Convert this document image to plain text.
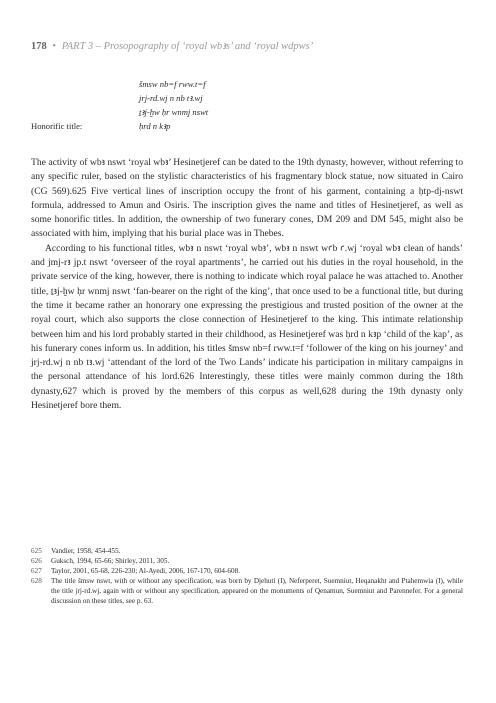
178 • PART 3 – Prosopography of ‘royal wbꜣs’ and ‘royal wdpws’
šmsw nb=f rww.t=f
jrj-rd.wj n nb tꜣ.wj
ṯꜣj-ḫw ḥr wnmj nswt
Honorific title:	ḥrd n kꜣp

The activity of wbꜣ nswt ‘royal wbꜣ’ Hesinetjeref can be dated to the 19th dynasty, however, without referring to any specific ruler, based on the stylistic characteristics of his fragmentary block statue, now situated in Cairo (CG 569).625 Five vertical lines of inscription occupy the front of his garment, containing a ḥtp-dj-nswt formula, addressed to Amun and Osiris. The inscription gives the name and titles of Hesinetjeref, as well as some honorific titles. In addition, the ownership of two funerary cones, DM 209 and DM 545, might also be associated with him, implying that his burial place was in Thebes.

According to his functional titles, wbꜣ n nswt ‘royal wbꜣ’, wbꜣ n nswt wꜥb ꜥ.wj ‘royal wbꜣ clean of hands’ and jmj-rꜣ jp.t nswt ‘overseer of the royal apartments’, he carried out his duties in the royal household, in the private service of the king, however, there is nothing to indicate which royal palace he was attached to. Another title, ṯꜣj-ḫw ḥr wnmj nswt ‘fan-bearer on the right of the king’, that once used to be a functional title, but during the time it became rather an honorary one expressing the prestigious and trusted position of the owner at the royal court, which also supports the close connection of Hesinetjeref to the king. This intimate relationship between him and his lord probably started in their childhood, as Hesinetjeref was ḥrd n kꜣp ‘child of the kap’, as his funerary cones inform us. In addition, his titles šmsw nb=f rww.t=f ‘follower of the king on his journey’ and jrj-rd.wj n nb tꜣ.wj ‘attendant of the lord of the Two Lands’ indicate his participation in military campaigns in the personal attendance of his lord.626 Interestingly, these titles were mainly common during the 18th dynasty,627 which is proved by the members of this corpus as well,628 during the 19th dynasty only Hesinetjeref bore them.

625	Vandier, 1958, 454-455.
626	Guksch, 1994, 65-66; Shirley, 2011, 305.
627	Taylor, 2001, 65-68, 226-230; Al-Ayedi, 2006, 167-170, 604-608.
628	The title šmsw nswt, with or without any specification, was born by Djehuti (I), Neferperet, Suemniut, Heqanakht and Ptahemwia (I), while the title jrj-rd.wj, again with or without any specification, appeared on the monuments of Qenamun, Suemniut and Parennefer. For a general discussion on these titles, see p. 63.
